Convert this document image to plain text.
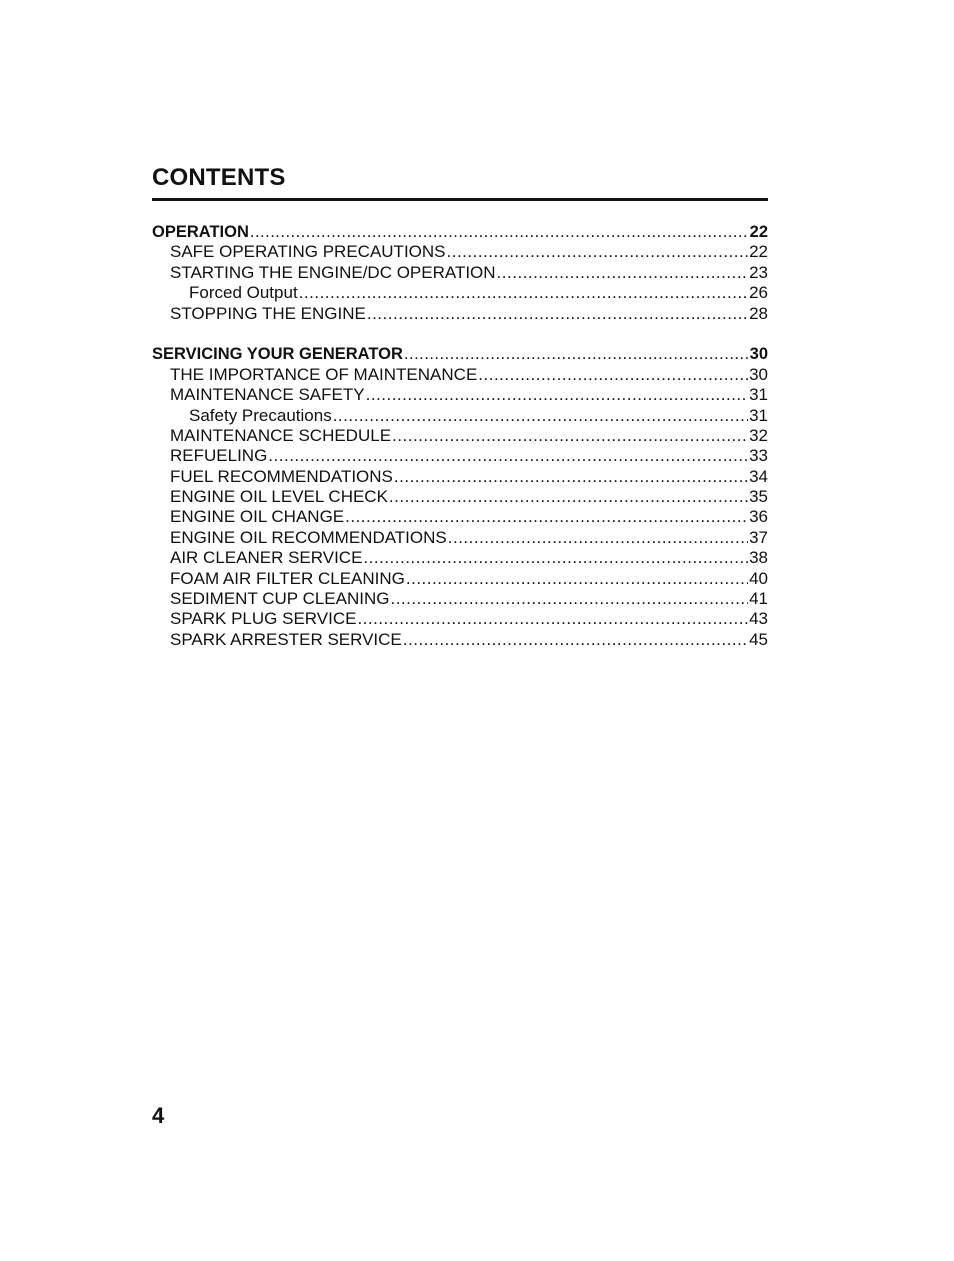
CONTENTS
OPERATION .....	22
SAFE OPERATING PRECAUTIONS .....	22
STARTING THE ENGINE/DC OPERATION .....	23
Forced Output .....	26
STOPPING THE ENGINE .....	28
SERVICING YOUR GENERATOR .....	30
THE IMPORTANCE OF MAINTENANCE .....	30
MAINTENANCE SAFETY .....	31
Safety Precautions .....	31
MAINTENANCE SCHEDULE .....	32
REFUELING .....	33
FUEL RECOMMENDATIONS .....	34
ENGINE OIL LEVEL CHECK .....	35
ENGINE OIL CHANGE .....	36
ENGINE OIL RECOMMENDATIONS .....	37
AIR CLEANER SERVICE .....	38
FOAM AIR FILTER CLEANING .....	40
SEDIMENT CUP CLEANING .....	41
SPARK PLUG SERVICE .....	43
SPARK ARRESTER SERVICE .....	45
4
